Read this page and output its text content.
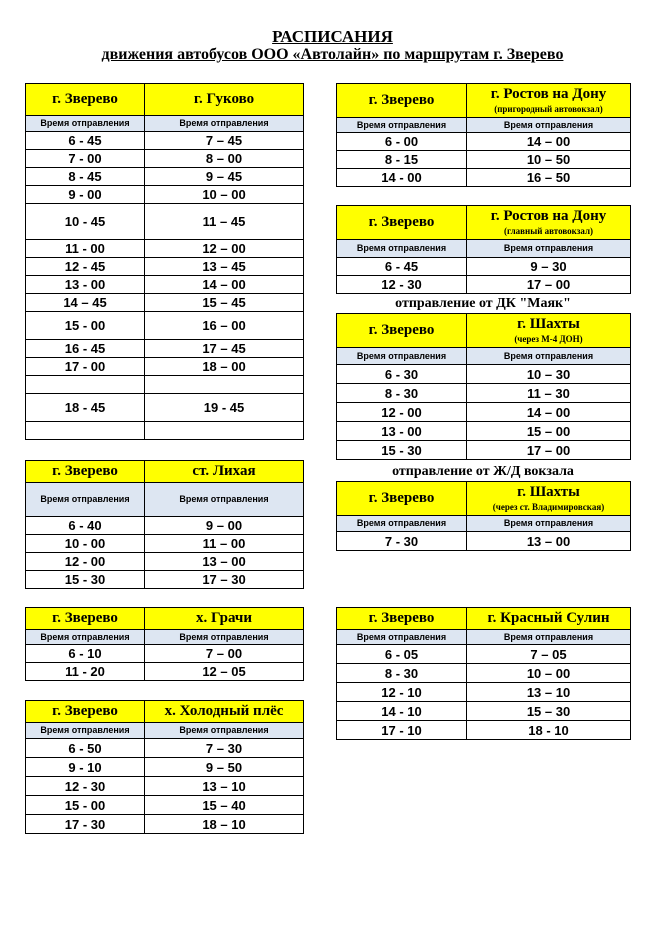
РАСПИСАНИЯ
движения автобусов ООО «Автолайн» по маршрутам г. Зверево
г. Зверево	г. Гуково
Время отправления	Время отправления
6 - 45	7 – 45
7 - 00	8 – 00
8 - 45	9 – 45
9 - 00	10 – 00
10 - 45	11 – 45
11 - 00	12 – 00
12 - 45	13 – 45
13 - 00	14 – 00
14 – 45	15 – 45
15 - 00	16 – 00
16 - 45	17 – 45
17 - 00	18 – 00

18 - 45	19 - 45

г. Зверево	ст. Лихая
Время отправления	Время отправления
6 - 40	9 – 00
10 - 00	11 – 00
12 - 00	13 – 00
15 - 30	17 – 30
г. Зверево	х. Грачи
Время отправления	Время отправления
6 - 10	7 – 00
11 - 20	12 – 05
г. Зверево	х. Холодный плёс
Время отправления	Время отправления
6 - 50	7 – 30
9 - 10	9 – 50
12 - 30	13 – 10
15 - 00	15 – 40
17 - 30	18 – 10
г. Зверево	г. Ростов на Дону
(пригородный автовокзал)

Время отправления	Время отправления
6 - 00	14 – 00
8 - 15	10 – 50
14 - 00	16 – 50
г. Зверево	г. Ростов на Дону
(главный автовокзал)

Время отправления	Время отправления
6 - 45	9 – 30
12 - 30	17 – 00
отправление от ДК "Маяк"
г. Зверево	г. Шахты
(через М-4 ДОН)

Время отправления	Время отправления
6 - 30	10 – 30
8 - 30	11 – 30
12 - 00	14 – 00
13 - 00	15 – 00
15 - 30	17 – 00
отправление от Ж/Д вокзала
г. Зверево	г. Шахты
(через ст. Владимировская)

Время отправления	Время отправления
7 - 30	13 – 00
г. Зверево	г. Красный Сулин
Время отправления	Время отправления
6 - 05	7 – 05
8 - 30	10 – 00
12 - 10	13 – 10
14 - 10	15 – 30
17 - 10	18 - 10
